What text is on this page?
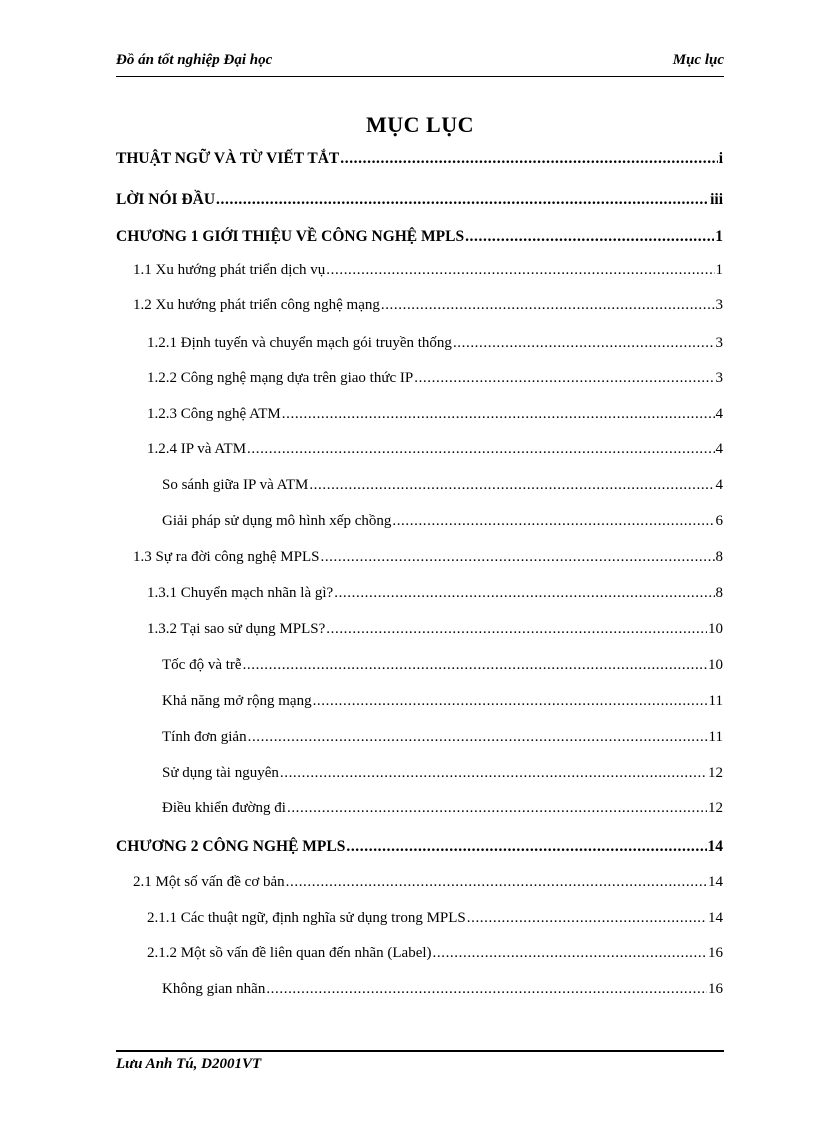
Đồ án tốt nghiệp Đại học	Mục lục
MỤC LỤC
THUẬT NGỮ VÀ TỪ VIẾT TẮT .....	i
LỜI NÓI ĐẦU .....	iii
CHƯƠNG 1 GIỚI THIỆU VỀ CÔNG NGHỆ MPLS .....	1
1.1 Xu hướng phát triển dịch vụ .....	1
1.2 Xu hướng phát triển công nghệ mạng .....	3
1.2.1 Định tuyến và chuyển mạch gói truyền thống .....	3
1.2.2 Công nghệ mạng dựa trên giao thức IP .....	3
1.2.3 Công nghệ ATM .....	4
1.2.4 IP và ATM .....	4
So sánh giữa IP và ATM .....	4
Giải pháp sử dụng mô hình xếp chồng .....	6
1.3 Sự ra đời công nghệ MPLS .....	8
1.3.1 Chuyển mạch nhãn là gì? .....	8
1.3.2 Tại sao sử dụng MPLS? .....	10
Tốc độ và trễ .....	10
Khả năng mở rộng mạng .....	11
Tính đơn giản .....	11
Sử dụng tài nguyên .....	12
Điều khiển đường đi .....	12
CHƯƠNG 2 CÔNG NGHỆ MPLS .....	14
2.1 Một số vấn đề cơ bản .....	14
2.1.1 Các thuật ngữ, định nghĩa sử dụng trong MPLS .....	14
2.1.2 Một sồ vấn đề liên quan đến nhãn (Label) .....	16
Không gian nhãn .....	16
Lưu Anh Tú, D2001VT
